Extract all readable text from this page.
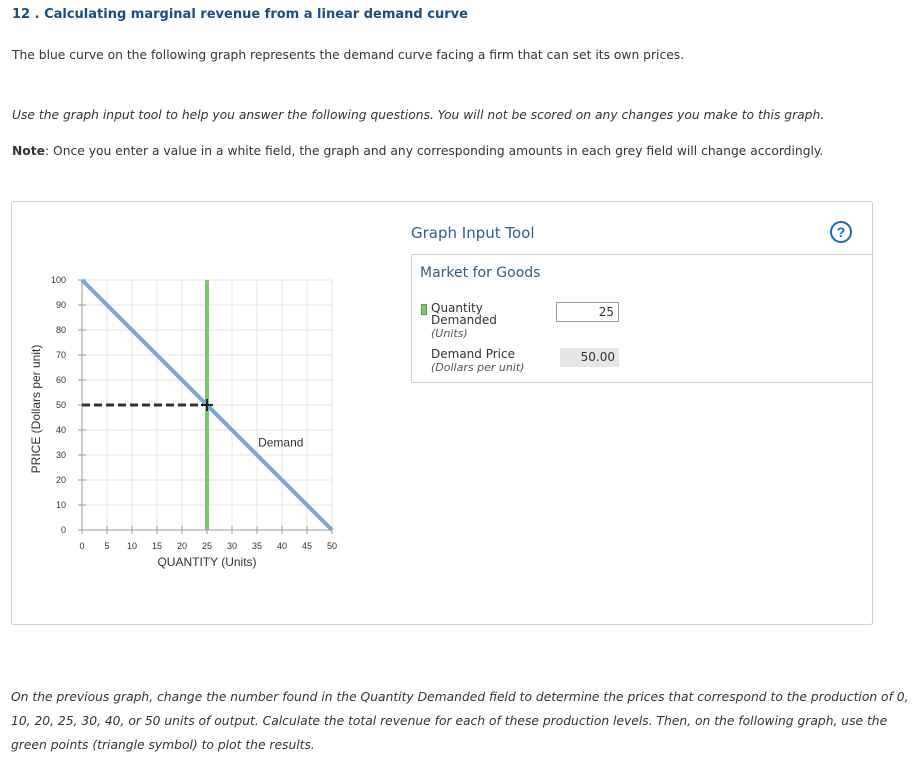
12 . Calculating marginal revenue from a linear demand curve
The blue curve on the following graph represents the demand curve facing a firm that can set its own prices.
Use the graph input tool to help you answer the following questions. You will not be scored on any changes you make to this graph.
Note: Once you enter a value in a white field, the graph and any corresponding amounts in each grey field will change accordingly.
0 5 10 15 20 25 30 35 40 45 50
0
10
20
30
40
50
60
70
80
90
100
Demand
QUANTITY (Units)
PRICE (Dollars per unit)
Graph Input Tool	?
Market for Goods
Quantity Demanded
(Units)
25
Demand Price
(Dollars per unit)
50.00
On the previous graph, change the number found in the Quantity Demanded field to determine the prices that correspond to the production of 0, 10, 20, 25, 30, 40, or 50 units of output. Calculate the total revenue for each of these production levels. Then, on the following graph, use the green points (triangle symbol) to plot the results.
